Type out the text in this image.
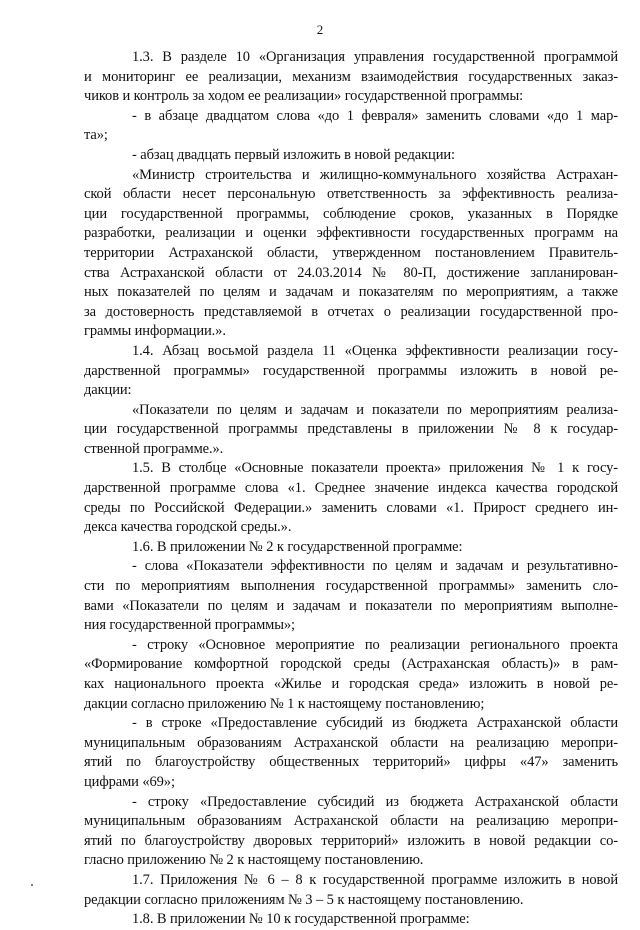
2
1.3. В разделе 10 «Организация управления государственной программой
и мониторинг ее реализации, механизм взаимодействия государственных заказ-
чиков и контроль за ходом ее реализации» государственной программы:
- в абзаце двадцатом слова «до 1 февраля» заменить словами «до 1 мар-
та»;
- абзац двадцать первый изложить в новой редакции:
«Министр строительства и жилищно-коммунального хозяйства Астрахан-
ской области несет персональную ответственность за эффективность реализа-
ции государственной программы, соблюдение сроков, указанных в Порядке
разработки, реализации и оценки эффективности государственных программ на
территории Астраханской области, утвержденном постановлением Правитель-
ства Астраханской области от 24.03.2014 № 80-П, достижение запланирован-
ных показателей по целям и задачам и показателям по мероприятиям, а также
за достоверность представляемой в отчетах о реализации государственной про-
граммы информации.».
1.4. Абзац восьмой раздела 11 «Оценка эффективности реализации госу-
дарственной программы» государственной программы изложить в новой ре-
дакции:
«Показатели по целям и задачам и показатели по мероприятиям реализа-
ции государственной программы представлены в приложении № 8 к государ-
ственной программе.».
1.5. В столбце «Основные показатели проекта» приложения № 1 к госу-
дарственной программе слова «1. Среднее значение индекса качества городской
среды по Российской Федерации.» заменить словами «1. Прирост среднего ин-
декса качества городской среды.».
1.6. В приложении № 2 к государственной программе:
- слова «Показатели эффективности по целям и задачам и результативно-
сти по мероприятиям выполнения государственной программы» заменить сло-
вами «Показатели по целям и задачам и показатели по мероприятиям выполне-
ния государственной программы»;
- строку «Основное мероприятие по реализации регионального проекта
«Формирование комфортной городской среды (Астраханская область)» в рам-
ках национального проекта «Жилье и городская среда» изложить в новой ре-
дакции согласно приложению № 1 к настоящему постановлению;
- в строке «Предоставление субсидий из бюджета Астраханской области
муниципальным образованиям Астраханской области на реализацию меропри-
ятий по благоустройству общественных территорий» цифры «47» заменить
цифрами «69»;
- строку «Предоставление субсидий из бюджета Астраханской области
муниципальным образованиям Астраханской области на реализацию меропри-
ятий по благоустройству дворовых территорий» изложить в новой редакции со-
гласно приложению № 2 к настоящему постановлению.
1.7. Приложения № 6 – 8 к государственной программе изложить в новой
редакции согласно приложениям № 3 – 5 к настоящему постановлению.
1.8. В приложении № 10 к государственной программе:
